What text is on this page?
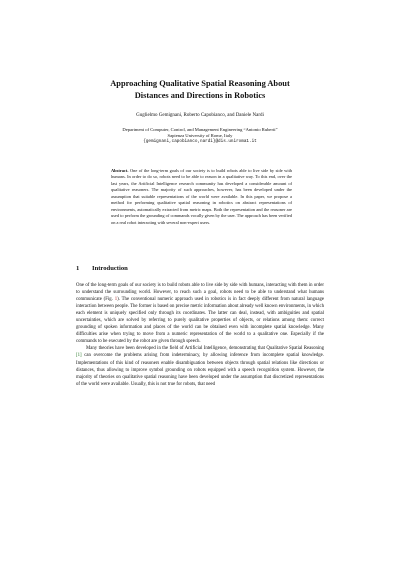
Approaching Qualitative Spatial Reasoning About
Distances and Directions in Robotics
Guglielmo Gemignani, Roberto Capobianco, and Daniele Nardi
Department of Computer, Control, and Management Engineering “Antonio Ruberti”
Sapienza University of Rome, Italy
{gemignani,capobianco,nardi}@dis.uniroma1.it
Abstract. One of the long-term goals of our society is to build robots able to live side by side with humans. In order to do so, robots need to be able to reason in a qualitative way. To this end, over the last years, the Artificial Intelligence research community has developed a considerable amount of qualitative reasoners. The majority of such approaches, however, has been developed under the assumption that suitable representations of the world were available. In this paper, we propose a method for performing qualitative spatial reasoning in robotics on abstract representations of environments, automatically extracted from metric maps. Both the representation and the reasoner are used to perform the grounding of commands vocally given by the user. The approach has been verified on a real robot interacting with several non-expert users.
1 Introduction

One of the long-term goals of our society is to build robots able to live side by side with humans, interacting with them in order to understand the surrounding world. However, to reach such a goal, robots need to be able to understand what humans communicate (Fig. 1). The conventional numeric approach used in robotics is in fact deeply different from natural language interaction between people. The former is based on precise metric information about already well known environments, in which each element is uniquely specified only through its coordinates. The latter can deal, instead, with ambiguities and spatial uncertainties, which are solved by referring to purely qualitative properties of objects, or relations among them: correct grounding of spoken information and places of the world can be obtained even with incomplete spatial knowledge. Many difficulties arise when trying to move from a numeric representation of the world to a qualitative one. Especially if the commands to be executed by the robot are given through speech.

Many theories have been developed in the field of Artificial Intelligence, demonstrating that Qualitative Spatial Reasoning [1] can overcome the problems arising from indeterminacy, by allowing inference from incomplete spatial knowledge. Implementations of this kind of reasoners enable disambiguation between objects through spatial relations like directions or distances, thus allowing to improve symbol grounding on robots equipped with a speech recognition system. However, the majority of theories on qualitative spatial reasoning have been developed under the assumption that discretized representations of the world were available. Usually, this is not true for robots, that need
